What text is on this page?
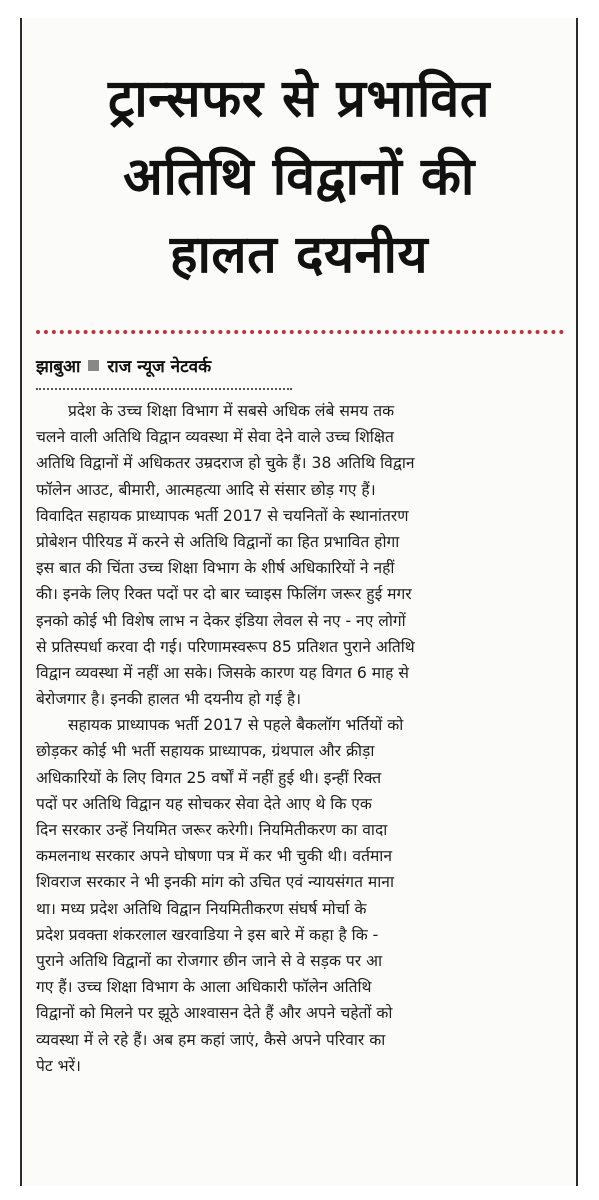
ट्रान्सफर से प्रभावित
अतिथि विद्वानों की
हालत दयनीय
झाबुआ राज न्यूज नेटवर्क
प्रदेश के उच्च शिक्षा विभाग में सबसे अधिक लंबे समय तक
चलने वाली अतिथि विद्वान व्यवस्था में सेवा देने वाले उच्च शिक्षित
अतिथि विद्वानों में अधिकतर उम्रदराज हो चुके हैं। 38 अतिथि विद्वान
फॉलेन आउट, बीमारी, आत्महत्या आदि से संसार छोड़ गए हैं।
विवादित सहायक प्राध्यापक भर्ती 2017 से चयनितों के स्थानांतरण
प्रोबेशन पीरियड में करने से अतिथि विद्वानों का हित प्रभावित होगा
इस बात की चिंता उच्च शिक्षा विभाग के शीर्ष अधिकारियों ने नहीं
की। इनके लिए रिक्त पदों पर दो बार च्वाइस फिलिंग जरूर हुई मगर
इनको कोई भी विशेष लाभ न देकर इंडिया लेवल से नए - नए लोगों
से प्रतिस्पर्धा करवा दी गई। परिणामस्वरूप 85 प्रतिशत पुराने अतिथि
विद्वान व्यवस्था में नहीं आ सके। जिसके कारण यह विगत 6 माह से
बेरोजगार है। इनकी हालत भी दयनीय हो गई है।
सहायक प्राध्यापक भर्ती 2017 से पहले बैकलॉग भर्तियों को
छोड़कर कोई भी भर्ती सहायक प्राध्यापक, ग्रंथपाल और क्रीड़ा
अधिकारियों के लिए विगत 25 वर्षों में नहीं हुई थी। इन्हीं रिक्त
पदों पर अतिथि विद्वान यह सोचकर सेवा देते आए थे कि एक
दिन सरकार उन्हें नियमित जरूर करेगी। नियमितीकरण का वादा
कमलनाथ सरकार अपने घोषणा पत्र में कर भी चुकी थी। वर्तमान
शिवराज सरकार ने भी इनकी मांग को उचित एवं न्यायसंगत माना
था। मध्य प्रदेश अतिथि विद्वान नियमितीकरण संघर्ष मोर्चा के
प्रदेश प्रवक्ता शंकरलाल खरवाडिया ने इस बारे में कहा है कि -
पुराने अतिथि विद्वानों का रोजगार छीन जाने से वे सड़क पर आ
गए हैं। उच्च शिक्षा विभाग के आला अधिकारी फॉलेन अतिथि
विद्वानों को मिलने पर झूठे आश्वासन देते हैं और अपने चहेतों को
व्यवस्था में ले रहे हैं। अब हम कहां जाएं, कैसे अपने परिवार का
पेट भरें।
